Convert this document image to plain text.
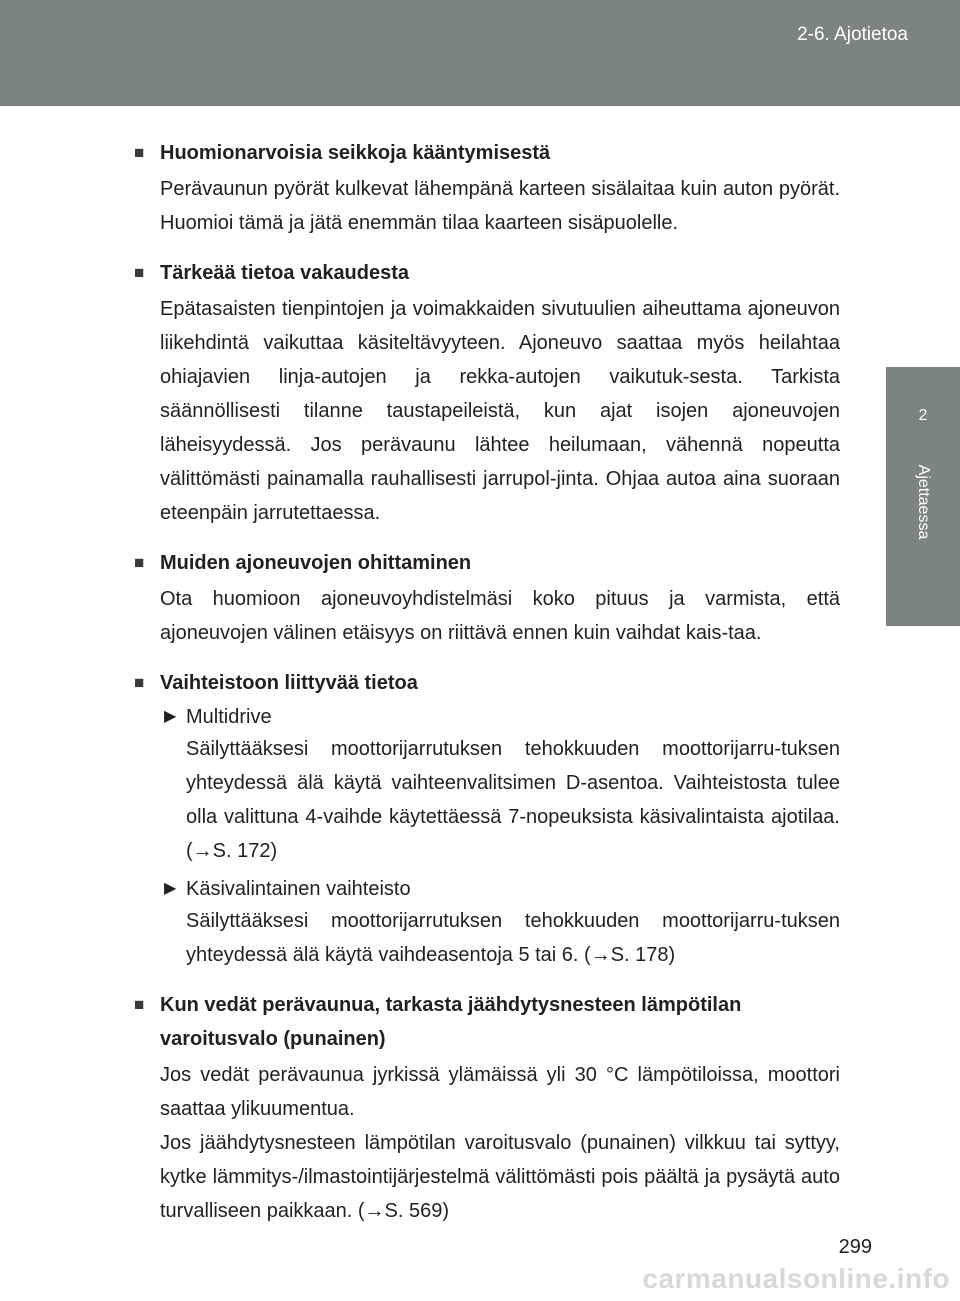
2-6. Ajotietoa
2
Ajettaessa
■ Huomionarvoisia seikkoja kääntymisestä
Perävaunun pyörät kulkevat lähempänä karteen sisälaitaa kuin auton pyörät. Huomioi tämä ja jätä enemmän tilaa kaarteen sisäpuolelle.
■ Tärkeää tietoa vakaudesta
Epätasaisten tienpintojen ja voimakkaiden sivutuulien aiheuttama ajoneuvon liikehdintä vaikuttaa käsiteltävyyteen. Ajoneuvo saattaa myös heilahtaa ohiajavien linja-autojen ja rekka-autojen vaikutuk-sesta. Tarkista säännöllisesti tilanne taustapeileistä, kun ajat isojen ajoneuvojen läheisyydessä. Jos perävaunu lähtee heilumaan, vähennä nopeutta välittömästi painamalla rauhallisesti jarrupol-jinta. Ohjaa autoa aina suoraan eteenpäin jarrutettaessa.
■ Muiden ajoneuvojen ohittaminen
Ota huomioon ajoneuvoyhdistelmäsi koko pituus ja varmista, että ajoneuvojen välinen etäisyys on riittävä ennen kuin vaihdat kais-taa.
■ Vaihteistoon liittyvää tietoa
▶ Multidrive
Säilyttääksesi moottorijarrutuksen tehokkuuden moottorijarru-tuksen yhteydessä älä käytä vaihteenvalitsimen D-asentoa. Vaihteistosta tulee olla valittuna 4-vaihde käytettäessä 7-nopeuksista käsivalintaista ajotilaa. (→S. 172)
▶ Käsivalintainen vaihteisto
Säilyttääksesi moottorijarrutuksen tehokkuuden moottorijarru-tuksen yhteydessä älä käytä vaihdeasentoja 5 tai 6. (→S. 178)
■ Kun vedät perävaunua, tarkasta jäähdytysnesteen lämpötilan varoitusvalo (punainen)
Jos vedät perävaunua jyrkissä ylämäissä yli 30 °C lämpötiloissa, moottori saattaa ylikuumentua.
Jos jäähdytysnesteen lämpötilan varoitusvalo (punainen) vilkkuu tai syttyy, kytke lämmitys-/ilmastointijärjestelmä välittömästi pois päältä ja pysäytä auto turvalliseen paikkaan. (→S. 569)
299
carmanualsonline.info
